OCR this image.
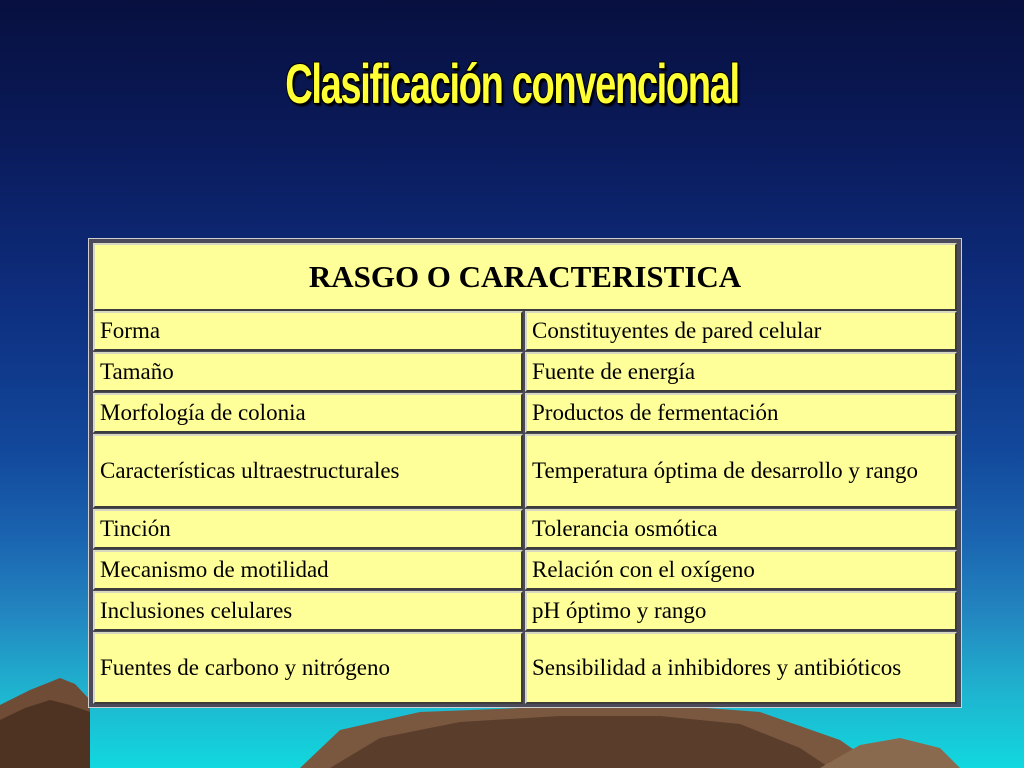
Clasificación convencional
RASGO O CARACTERISTICA
Forma	Constituyentes de pared celular
Tamaño	Fuente de energía
Morfología de colonia	Productos de fermentación
Características ultraestructurales	Temperatura óptima de desarrollo y rango
Tinción	Tolerancia osmótica
Mecanismo de motilidad	Relación con el oxígeno
Inclusiones celulares	pH óptimo y rango
Fuentes de carbono y nitrógeno	Sensibilidad a inhibidores y antibióticos
